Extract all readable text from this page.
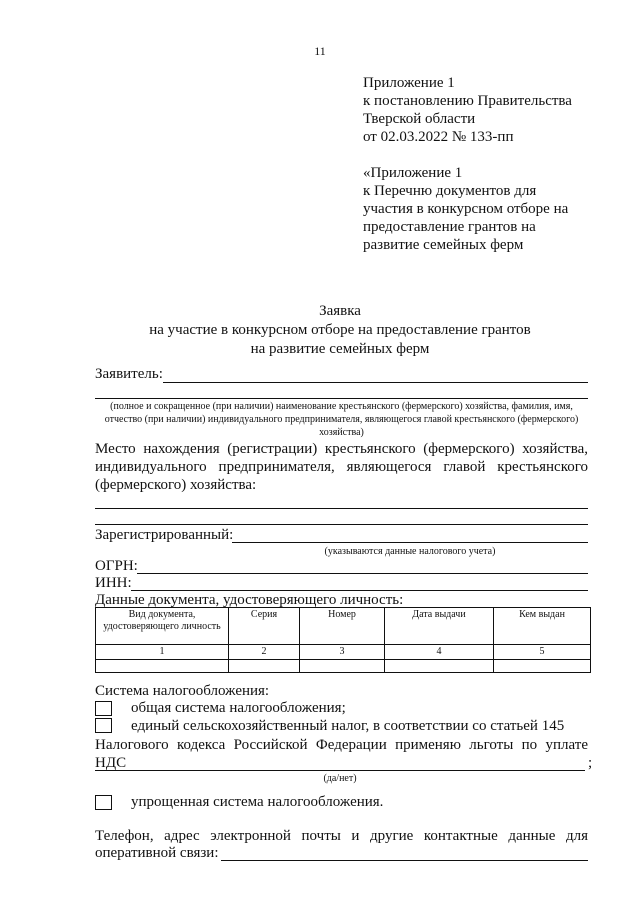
11
Приложение 1
к постановлению Правительства
Тверской области
от 02.03.2022 № 133-пп
«Приложение 1
к Перечню документов для
участия в конкурсном отборе на
предоставление грантов на
развитие семейных ферм
Заявка
на участие в конкурсном отборе на предоставление грантов
на развитие семейных ферм
Заявитель:
(полное и сокращенное (при наличии) наименование крестьянского (фермерского) хозяйства, фамилия, имя, отчество (при наличии) индивидуального предпринимателя, являющегося главой крестьянского (фермерского) хозяйства)
Место нахождения (регистрации) крестьянского (фермерского) хозяйства,
индивидуального предпринимателя, являющегося главой крестьянского
(фермерского) хозяйства:
Зарегистрированный:
(указываются данные налогового учета)
ОГРН:
ИНН:
Данные документа, удостоверяющего личность:
Вид документа, удостоверяющего личность	Серия	Номер	Дата выдачи	Кем выдан
1	2	3	4	5

Система налогообложения:
общая система налогообложения;
единый сельскохозяйственный налог, в соответствии со статьей 145
Налогового кодекса Российской Федерации применяю льготы по уплате НДС	;
(да/нет)
упрощенная система налогообложения.
Телефон, адрес электронной почты и другие контактные данные для
оперативной связи:
